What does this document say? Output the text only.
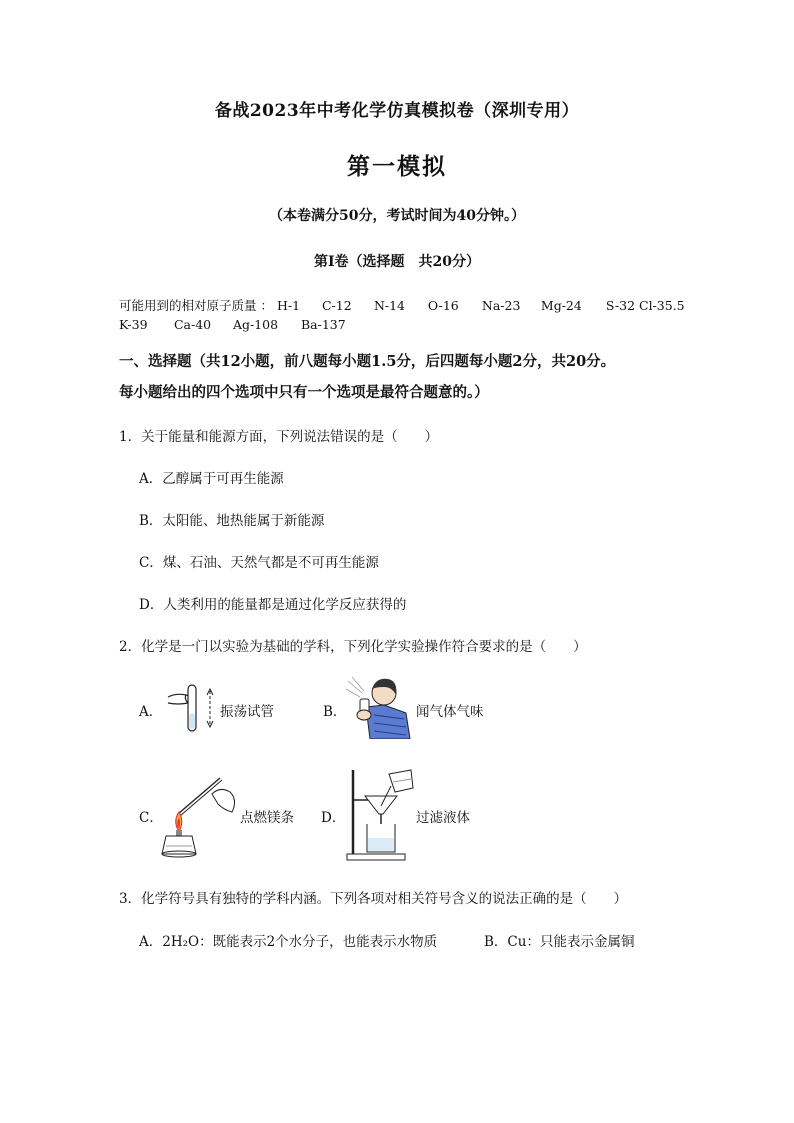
备战2023年中考化学仿真模拟卷（深圳专用）
第一模拟
（本卷满分50分，考试时间为40分钟。）
第Ⅰ卷（选择题　共20分）
可能用到的相对原子质量 ： H-1 C-12 N-14 O-16 Na-23 Mg-24 S-32 Cl-35.5
K-39 Ca-40 Ag-108 Ba-137
一、选择题（共12小题，前八题每小题1.5分，后四题每小题2分，共20分。
每小题给出的四个选项中只有一个选项是最符合题意的。）
1．关于能量和能源方面，下列说法错误的是（　　）
A．乙醇属于可再生能源
B．太阳能、地热能属于新能源
C．煤、石油、天然气都是不可再生能源
D．人类利用的能量都是通过化学反应获得的
2．化学是一门以实验为基础的学科，下列化学实验操作符合要求的是（　　）
A．	振荡试管	B．	闻气体气味
C．	点燃镁条 D．	过滤液体
3．化学符号具有独特的学科内涵。下列各项对相关符号含义的说法正确的是（　　）
A．2H₂O：既能表示2个水分子，也能表示水物质	B．Cu：只能表示金属铜
